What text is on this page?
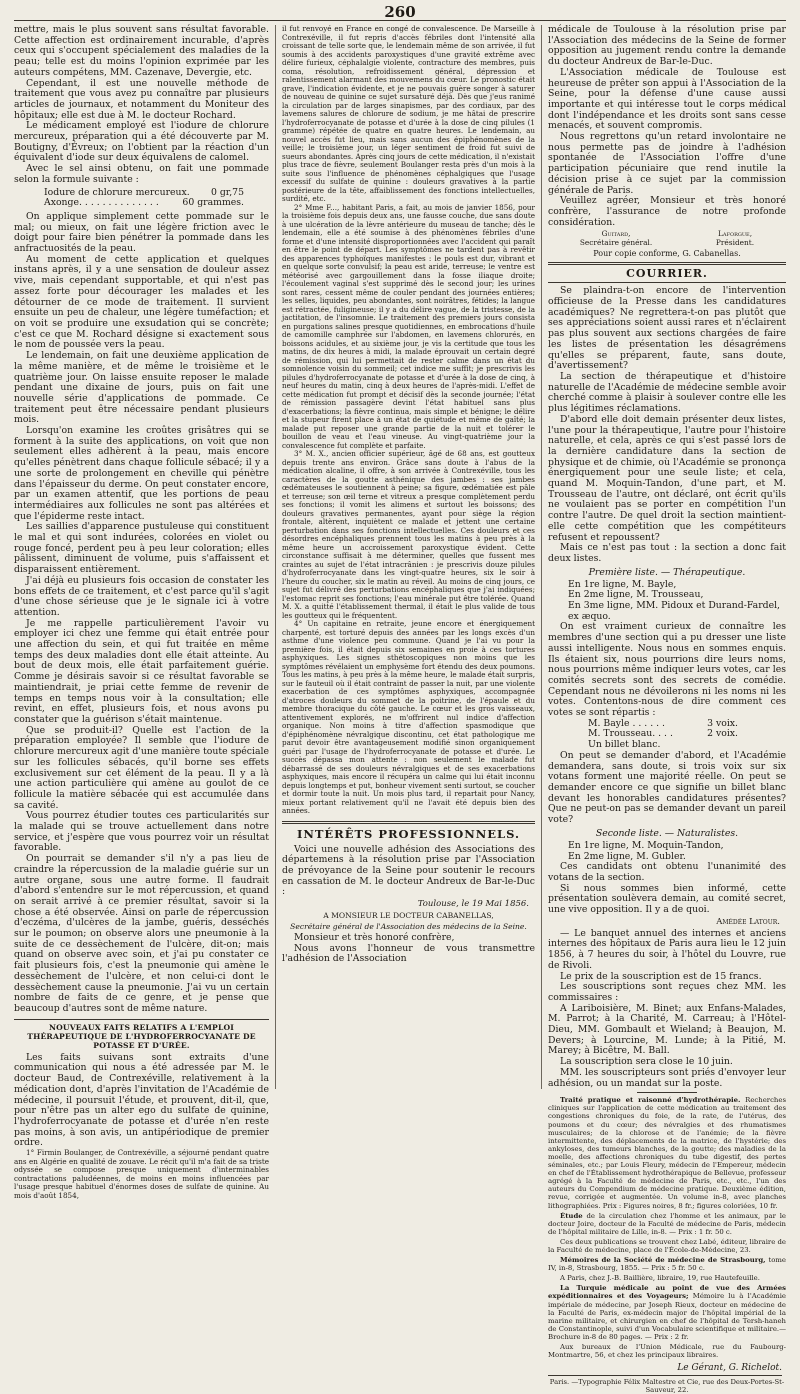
260

mettre, mais le plus souvent sans résultat favorable. Cette affection est ordinairement incurable, d'après ceux qui s'occupent spécialement des maladies de la peau; telle est du moins l'opinion exprimée par les auteurs compétens, MM. Cazenave, Devergie, etc.

Cependant, il est une nouvelle méthode de traitement que vous avez pu connaître par plusieurs articles de journaux, et notamment du Moniteur des hôpitaux; elle est due à M. le docteur Rochard.

Le médicament employé est l'iodure de chlorure mercureux, préparation qui a été découverte par M. Boutigny, d'Évreux; on l'obtient par la réaction d'un équivalent d'iode sur deux équivalens de calomel.

Avec le sel ainsi obtenu, on fait une pommade selon la formule suivante :

Iodure de chlorure mercureux.	0 gr,75
Axonge. . . . . . . . . . . . . .	60 grammes.

On applique simplement cette pommade sur le mal; ou mieux, on fait une légère friction avec le doigt pour faire bien pénétrer la pommade dans les anfractuosités de la peau.

Au moment de cette application et quelques instans après, il y a une sensation de douleur assez vive, mais cependant supportable, et qui n'est pas assez forte pour décourager les malades et les détourner de ce mode de traitement. Il survient ensuite un peu de chaleur, une légère tuméfaction; et on voit se produire une exsudation qui se concrète; c'est ce que M. Rochard désigne si exactement sous le nom de poussée vers la peau.

Le lendemain, on fait une deuxième application de la même manière, et de même le troisième et le quatrième jour. On laisse ensuite reposer le malade pendant une dixaine de jours, puis on fait une nouvelle série d'applications de pommade. Ce traitement peut être nécessaire pendant plusieurs mois.

Lorsqu'on examine les croûtes grisâtres qui se forment à la suite des applications, on voit que non seulement elles adhèrent à la peau, mais encore qu'elles pénètrent dans chaque follicule sébacé; il y a une sorte de prolongement en cheville qui pénètre dans l'épaisseur du derme. On peut constater encore, par un examen attentif, que les portions de peau intermédiaires aux follicules ne sont pas altérées et que l'épiderme reste intact.

Les saillies d'apparence pustuleuse qui constituent le mal et qui sont indurées, colorées en violet ou rouge foncé, perdent peu à peu leur coloration; elles pâlissent, diminuent de volume, puis s'affaissent et disparaissent entièrement.

J'ai déjà eu plusieurs fois occasion de constater les bons effets de ce traitement, et c'est parce qu'il s'agit d'une chose sérieuse que je le signale ici à votre attention.

Je me rappelle particulièrement l'avoir vu employer ici chez une femme qui était entrée pour une affection du sein, et qui fut traitée en même temps des deux maladies dont elle était atteinte. Au bout de deux mois, elle était parfaitement guérie. Comme je désirais savoir si ce résultat favorable se maintiendrait, je priai cette femme de revenir de temps en temps nous voir à la consultation; elle revint, en effet, plusieurs fois, et nous avons pu constater que la guérison s'était maintenue.

Que se produit-il? Quelle est l'action de la préparation employée? Il semble que l'iodure de chlorure mercureux agit d'une manière toute spéciale sur les follicules sébacés, qu'il borne ses effets exclusivement sur cet élément de la peau. Il y a là une action particulière qui amène au goulot de ce follicule la matière sébacée qui est accumulée dans sa cavité.

Vous pourrez étudier toutes ces particularités sur la malade qui se trouve actuellement dans notre service, et j'espère que vous pourrez voir un résultat favorable.

On pourrait se demander s'il n'y a pas lieu de craindre la répercussion de la maladie guérie sur un autre organe, sous une autre forme. Il faudrait d'abord s'entendre sur le mot répercussion, et quand on serait arrivé à ce premier résultat, savoir si la chose a été observée. Ainsi on parle de répercussion d'eczéma, d'ulcères de la jambe, guéris, desséchés sur le poumon; on observe alors une pneumonie à la suite de ce dessèchement de l'ulcère, dit-on; mais quand on observe avec soin, et j'ai pu constater ce fait plusieurs fois, c'est la pneumonie qui amène le dessèchement de l'ulcère, et non celui-ci dont le dessèchement cause la pneumonie. J'ai vu un certain nombre de faits de ce genre, et je pense que beaucoup d'autres sont de même nature.

NOUVEAUX FAITS RELATIFS A L'EMPLOI THÉRAPEUTIQUE DE L'HYDROFERROCYANATE DE POTASSE ET D'URÉE.

Les faits suivans sont extraits d'une communication qui nous a été adressée par M. le docteur Baud, de Contrexéville, relativement à la médication dont, d'après l'invitation de l'Académie de médecine, il poursuit l'étude, et prouvent, dit-il, que, pour n'être pas un alter ego du sulfate de quinine, l'hydroferrocyanate de potasse et d'urée n'en reste pas moins, à son avis, un antipériodique de premier ordre.

1° Firmin Boulanger, de Contrexéville, a séjourné pendant quatre ans en Algérie en qualité de zouave. Le récit qu'il m'a fait de sa triste odyssée se compose presque uniquement d'interminables contractations paludéennes, de moins en moins influencées par l'usage presque habituel d'énormes doses de sulfate de quinine. Au mois d'août 1854,

il fut renvoyé en France en congé de convalescence. De Marseille à Contrexéville, il fut repris d'accès fébriles dont l'intensité alla croissant de telle sorte que, le lendemain même de son arrivée, il fut soumis à des accidents paroxystiques d'une gravité extrême avec délire furieux, céphalalgie violente, contracture des membres, puis coma, résolution, refroidissement général, dépression et ralentissement alarmant des mouvemens du cœur. Le pronostic était grave, l'indication évidente, et je ne pouvais guère songer à saturer de nouveau de quinine ce sujet sursaturé déjà. Dès que j'eus ranimé la circulation par de larges sinapismes, par des cordiaux, par des lavemens salures de chlorure de sodium, je me hâtai de prescrire l'hydroferrocyanate de potasse et d'urée à la dose de cinq pilules (1 gramme) répétée de quatre en quatre heures. Le lendemain, au nouvel accès fut lieu, mais sans aucun des épiphénomènes de la veille; le troisième jour, un léger sentiment de froid fut suivi de sueurs abondantes. Après cinq jours de cette médication, il n'existait plus trace de fièvre, seulement Boulanger resta près d'un mois à la suite sous l'influence de phénomènes céphalgiques que l'usage excessif du sulfate de quinine : douleurs gravatives à la partie postérieure de la tête, affaiblissement des fonctions intellectuelles, surdité, etc.

2° Mme F..., habitant Paris, a fait, au mois de janvier 1856, pour la troisième fois depuis deux ans, une fausse couche, due sans doute à une ulcération de la lèvre antérieure du museau de tanche; dès le lendemain, elle a été soumise à des phénomènes fébriles d'une forme et d'une intensité disproportionnées avec l'accident qui paraît en être le point de départ. Les symptômes ne tardent pas à revêtir des apparences typhoïques manifestes : le pouls est dur, vibrant et en quelque sorte convulsif; la peau est aride, terreuse; le ventre est météorisé avec gargouillement dans la fosse iliaque droite; l'écoulement vaginal s'est supprimé dès le second jour; les urines sont rares, cessent même de couler pendant des journées entières; les selles, liquides, peu abondantes, sont noirâtres, fétides; la langue est rétractée, fuligineuse; il y a du délire vague, de la tristesse, de la jactitation, de l'insomnie. Le traitement des premiers jours consista en purgations salines presque quotidiennes, en embrocations d'huile de camomille camphrée sur l'abdomen, en lavemens chlorurés, en boissons acidules, et au sixième jour, je vis la certitude que tous les matins, de dix heures à midi, la malade éprouvait un certain degré de rémission, qui lui permettait de rester calme dans un état du somnolence voisin du sommeil; cet indice me suffit; je prescrivis les pilules d'hydroferrocyanate de potasse et d'urée à la dose de cinq, à neuf heures du matin, cinq à deux heures de l'après-midi. L'effet de cette médication fut prompt et décisif dès la seconde journée; l'état de rémission passagère devint l'état habituel sans plus d'exacerbations; la fièvre continua, mais simple et bénigne; le délire et la stupeur firent place à un état de quiétude et même de gaîté; la malade put reposer une grande partie de la nuit et tolérer le bouillon de veau et l'eau vineuse. Au vingt-quatrième jour la convalescence fut complète et parfaite.

3° M. X., ancien officier supérieur, âgé de 68 ans, est goutteux depuis trente ans environ. Grâce sans doute à l'abus de la médication alcaline, il offre, à son arrivée à Contrexéville, tous les caractères de la goutte asthénique des jambes : ses jambes œdémateuses le soutiennent à peine; sa figure, œdématiée est pâle et terreuse; son œil terne et vitreux a presque complètement perdu ses fonctions; il vomit les alimens et surtout les boissons; des douleurs gravatives permanentes, ayant pour siège la région frontale, altèrent, inquiètent ce malade et jettent une certaine perturbation dans ses fonctions intellectuelles. Ces douleurs et ces désordres encéphaliques prennent tous les matins à peu près à la même heure un accroissement paroxystique évident. Cette circonstance suffisait à me déterminer, quelles que fussent mes craintes au sujet de l'état intracrânien : je prescrivis douze pilules d'hydroferrocyanate dans les vingt-quatre heures, six le soir à l'heure du coucher, six le matin au réveil. Au moins de cinq jours, ce sujet fut délivré des perturbations encéphaliques que j'ai indiquées; l'estomac reprit ses fonctions; l'eau minérale put être tolérée. Quand M. X. a quitté l'établissement thermal, il était le plus valide de tous les goutteux qui le fréquentent.

4° Un capitaine en retraite, jeune encore et énergiquement charpenté, est torturé depuis des années par les longs excès d'un asthme d'une violence peu commune. Quand je l'ai vu pour la première fois, il était depuis six semaines en proie à ces tortures asphyxiques. Les signes sthétoscopiques non moins que les symptômes révélaient un emphysème fort étendu des deux poumons. Tous les matins, à peu près à la même heure, le malade était surpris, sur le fauteuil où il était contraint de passer la nuit, par une violente exacerbation de ces symptômes asphyxiques, accompagnée d'atroces douleurs du sommet de la poitrine, de l'épaule et du membre thoracique du côté gauche. Le cœur et les gros vaisseaux, attentivement explorés, ne m'offrirent nul indice d'affection organique. Non moins à titre d'affection spasmodique que d'épiphénomène névralgique discontinu, cet état pathologique me parut devoir être avantageusement modifié sinon organiquement guéri par l'usage de l'hydroferrocyanate de potasse et d'urée. Le succès dépassa mon attente : non seulement le malade fut débarrassé de ses douleurs névralgiques et de ses exacerbations asphyxiques, mais encore il récupéra un calme qui lui était inconnu depuis longtemps et put, bonheur vivement senti surtout, se coucher et dormir toute la nuit. Un mois plus tard, il repartait pour Nancy, mieux portant relativement qu'il ne l'avait été depuis bien des années.

INTÉRÊTS PROFESSIONNELS.

Voici une nouvelle adhésion des Associations des départemens à la résolution prise par l'Association de prévoyance de la Seine pour soutenir le recours en cassation de M. le docteur Andreux de Bar-le-Duc :

Toulouse, le 19 Mai 1856.
A MONSIEUR LE DOCTEUR CABANELLAS,
Secrétaire général de l'Association des médecins de la Seine.

Monsieur et très honoré confrère,

Nous avons l'honneur de vous transmettre l'adhésion de l'Association

médicale de Toulouse à la résolution prise par l'Association des médecins de la Seine de former opposition au jugement rendu contre la demande du docteur Andreux de Bar-le-Duc.

L'Association médicale de Toulouse est heureuse de prêter son appui à l'Association de la Seine, pour la défense d'une cause aussi importante et qui intéresse tout le corps médical dont l'indépendance et les droits sont sans cesse menacés, et souvent compromis.

Nous regrettons qu'un retard involontaire ne nous permette pas de joindre à l'adhésion spontanée de l'Association l'offre d'une participation pécuniaire que rend inutile la décision prise à ce sujet par la commission générale de Paris.

Veuillez agréer, Monsieur et très honoré confrère, l'assurance de notre profonde considération.

Guitard,
Secrétaire général.
Laforgue,
Président.
Pour copie conforme, G. Cabanellas.
COURRIER.

Se plaindra-t-on encore de l'intervention officieuse de la Presse dans les candidatures académiques? Ne regrettera-t-on pas plutôt que ses appréciations soient aussi rares et n'éclairent pas plus souvent aux sections chargées de faire les listes de présentation les désagrémens qu'elles se préparent, faute, sans doute, d'avertissement?

La section de thérapeutique et d'histoire naturelle de l'Académie de médecine semble avoir cherché comme à plaisir à soulever contre elle les plus légitimes réclamations.

D'abord elle doit demain présenter deux listes, l'une pour la thérapeutique, l'autre pour l'histoire naturelle, et cela, après ce qui s'est passé lors de la dernière candidature dans la section de physique et de chimie, où l'Académie se prononça énergiquement pour une seule liste; et cela, quand M. Moquin-Tandon, d'une part, et M. Trousseau de l'autre, ont déclaré, ont écrit qu'ils ne voulaient pas se porter en compétition l'un contre l'autre. De quel droit la section maintient-elle cette compétition que les compétiteurs refusent et repoussent?

Mais ce n'est pas tout : la section a donc fait deux listes.

Première liste. — Thérapeutique.
En 1re ligne, M. Bayle,
En 2me ligne, M. Trousseau,
En 3me ligne, MM. Pidoux et Durand-Fardel, ex æquo.

On est vraiment curieux de connaître les membres d'une section qui a pu dresser une liste aussi intelligente. Nous nous en sommes enquis. Ils étaient six, nous pourrions dire leurs noms, nous pourrions même indiquer leurs votes, car les comités secrets sont des secrets de comédie. Cependant nous ne dévoilerons ni les noms ni les votes. Contentons-nous de dire comment ces votes se sont répartis :

M. Bayle . . . . . .	3 voix.
M. Trousseau. . . .	2 voix.
Un billet blanc.

On peut se demander d'abord, et l'Académie demandera, sans doute, si trois voix sur six votans forment une majorité réelle. On peut se demander encore ce que signifie un billet blanc devant les honorables candidatures présentes? Que ne peut-on pas se demander devant un pareil vote?

Seconde liste. — Naturalistes.
En 1re ligne, M. Moquin-Tandon,
En 2me ligne, M. Gubler.

Ces candidats ont obtenu l'unanimité des votans de la section.

Si nous sommes bien informé, cette présentation soulèvera demain, au comité secret, une vive opposition. Il y a de quoi.

Amédée Latour.

— Le banquet annuel des internes et anciens internes des hôpitaux de Paris aura lieu le 12 juin 1856, à 7 heures du soir, à l'hôtel du Louvre, rue de Rivoli.

Le prix de la souscription est de 15 francs.

Les souscriptions sont reçues chez MM. les commissaires :

A Lariboisière, M. Binet; aux Enfans-Malades, M. Parrot; à la Charité, M. Carreau; à l'Hôtel-Dieu, MM. Gombault et Wieland; à Beaujon, M. Devers; à Lourcine, M. Lunde; à la Pitié, M. Marey; à Bicêtre, M. Ball.

La souscription sera close le 10 juin.

MM. les souscripteurs sont priés d'envoyer leur adhésion, ou un mandat sur la poste.

Traité pratique et raisonné d'hydrothérapie. Recherches cliniques sur l'application de cette médication au traitement des congestions chroniques du foie, de la rate, de l'utérus, des poumons et du cœur; des névralgies et des rhumatismes musculaires; de la chlorose et de l'anémie; de la fièvre intermittente, des déplacements de la matrice, de l'hystérie; des ankyloses, des tumeurs blanches, de la goutte; des maladies de la moelle, des affections chroniques du tube digestif, des pertes séminales, etc.; par Louis Fleury, médecin de l'Empereur, médecin en chef de l'Établissement hydrothérapique de Bellevue, professeur agrégé à la Faculté de médecine de Paris, etc., etc., l'un des auteurs du Compendium de médecine pratique. Deuxième édition, revue, corrigée et augmentée. Un volume in-8, avec planches lithographiées. Prix : Figures noires, 8 fr.; figures coloriées, 10 fr.

Étude de la circulation chez l'homme et les animaux, par le docteur Joire, docteur de la Faculté de médecine de Paris, médecin de l'hôpital militaire de Lille, in-8. — Prix : 1 fr. 50 c.

Ces deux publications se trouvent chez Labé, éditeur, libraire de la Faculté de médecine, place de l'École-de-Médecine, 23.

Mémoires de la Société de médecine de Strasbourg, tome IV, in-8, Strasbourg, 1855. — Prix : 5 fr. 50 c.

A Paris, chez J.-B. Baillière, libraire, 19, rue Hautefeuille.

La Turquie médicale au point de vue des Armées expéditionnaires et des Voyageurs; Mémoire lu à l'Académie impériale de médecine, par Joseph Rieux, docteur en médecine de la Faculté de Paris, ex-médecin major de l'hôpital impérial de la marine militaire, et chirurgien en chef de l'hôpital de Tersh-haneh de Constantinople, suivi d'un Vocabulaire scientifique et militaire.—Brochure in-8 de 80 pages. — Prix : 2 fr.

Aux bureaux de l'Union Médicale, rue du Faubourg-Montmartre, 56, et chez les principaux libraires.

Le Gérant, G. Richelot.
Paris. —Typographie Félix Maltestre et Cie, rue des Deux-Portes-St-Sauveur, 22.
